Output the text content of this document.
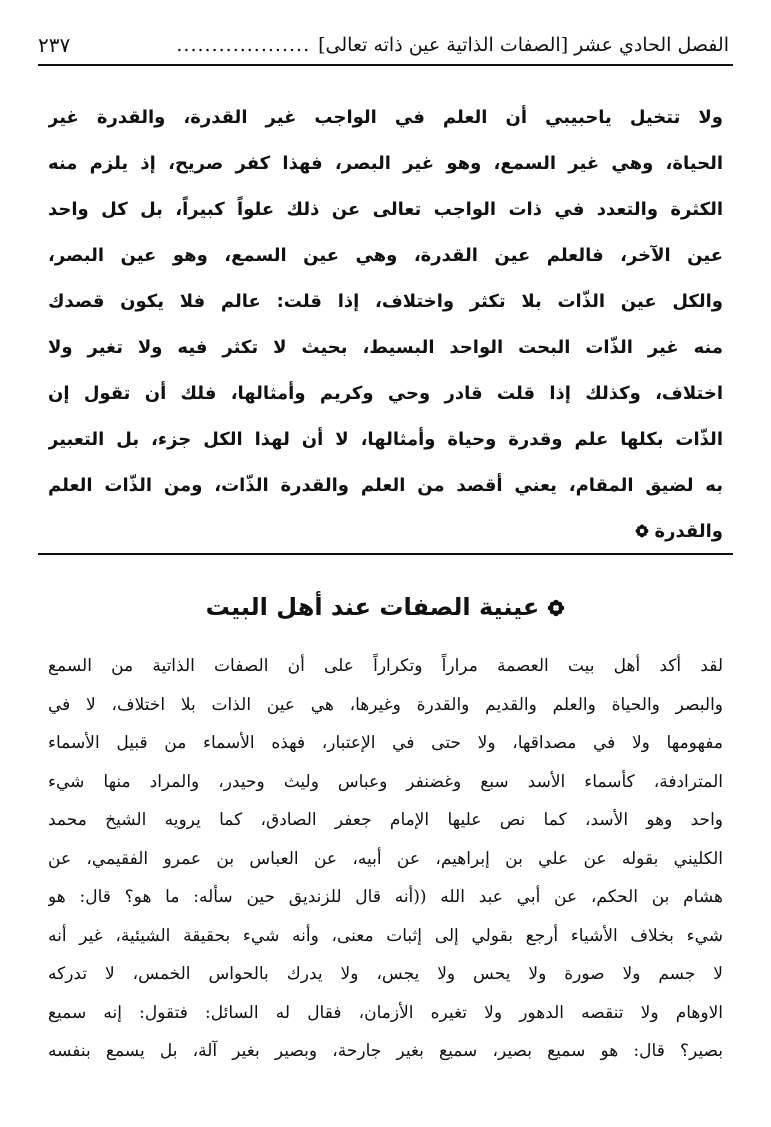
الفصل الحادي عشر [الصفات الذاتية عين ذاته تعالى]
...................
٢٣٧
ولا تتخيل ياحبيبي أن العلم في الواجب غير القدرة، والقدرة غير
الحياة، وهي غير السمع، وهو غير البصر، فهذا كفر صريح، إذ يلزم منه
الكثرة والتعدد في ذات الواجب تعالى عن ذلك علواً كبيراً، بل كل واحد
عين الآخر، فالعلم عين القدرة، وهي عين السمع، وهو عين البصر،
والكل عين الذّات بلا تكثر واختلاف، إذا قلت: عالم فلا يكون قصدك
منه غير الذّات البحت الواحد البسيط، بحيث لا تكثر فيه ولا تغير ولا
اختلاف، وكذلك إذا قلت قادر وحي وكريم وأمثالها، فلك أن تقول إن
الذّات بكلها علم وقدرة وحياة وأمثالها، لا أن لهذا الكل جزء، بل التعبير
به لضيق المقام، يعني أقصد من العلم والقدرة الذّات، ومن الذّات العلم
والقدرة
عينية الصفات عند أهل البيت
لقد أكد أهل بيت العصمة مراراً وتكراراً على أن الصفات الذاتية من السمع
والبصر والحياة والعلم والقديم والقدرة وغيرها، هي عين الذات بلا اختلاف، لا في
مفهومها ولا في مصداقها، ولا حتى في الإعتبار، فهذه الأسماء من قبيل الأسماء
المترادفة، كأسماء الأسد سبع وغضنفر وعباس وليث وحيدر، والمراد منها شيء
واحد وهو الأسد، كما نص عليها الإمام جعفر الصادق، كما يرويه الشيخ محمد
الكليني بقوله عن علي بن إبراهيم، عن أبيه، عن العباس بن عمرو الفقيمي، عن
هشام بن الحكم، عن أبي عبد الله ((أنه قال للزنديق حين سأله: ما هو؟ قال: هو
شيء بخلاف الأشياء أرجع بقولي إلى إثبات معنى، وأنه شيء بحقيقة الشيئية، غير أنه
لا جسم ولا صورة ولا يحس ولا يجس، ولا يدرك بالحواس الخمس، لا تدركه
الاوهام ولا تنقصه الدهور ولا تغيره الأزمان، فقال له السائل: فتقول: إنه سميع
بصير؟ قال: هو سميع بصير، سميع بغير جارحة، وبصير بغير آلة، بل يسمع بنفسه
